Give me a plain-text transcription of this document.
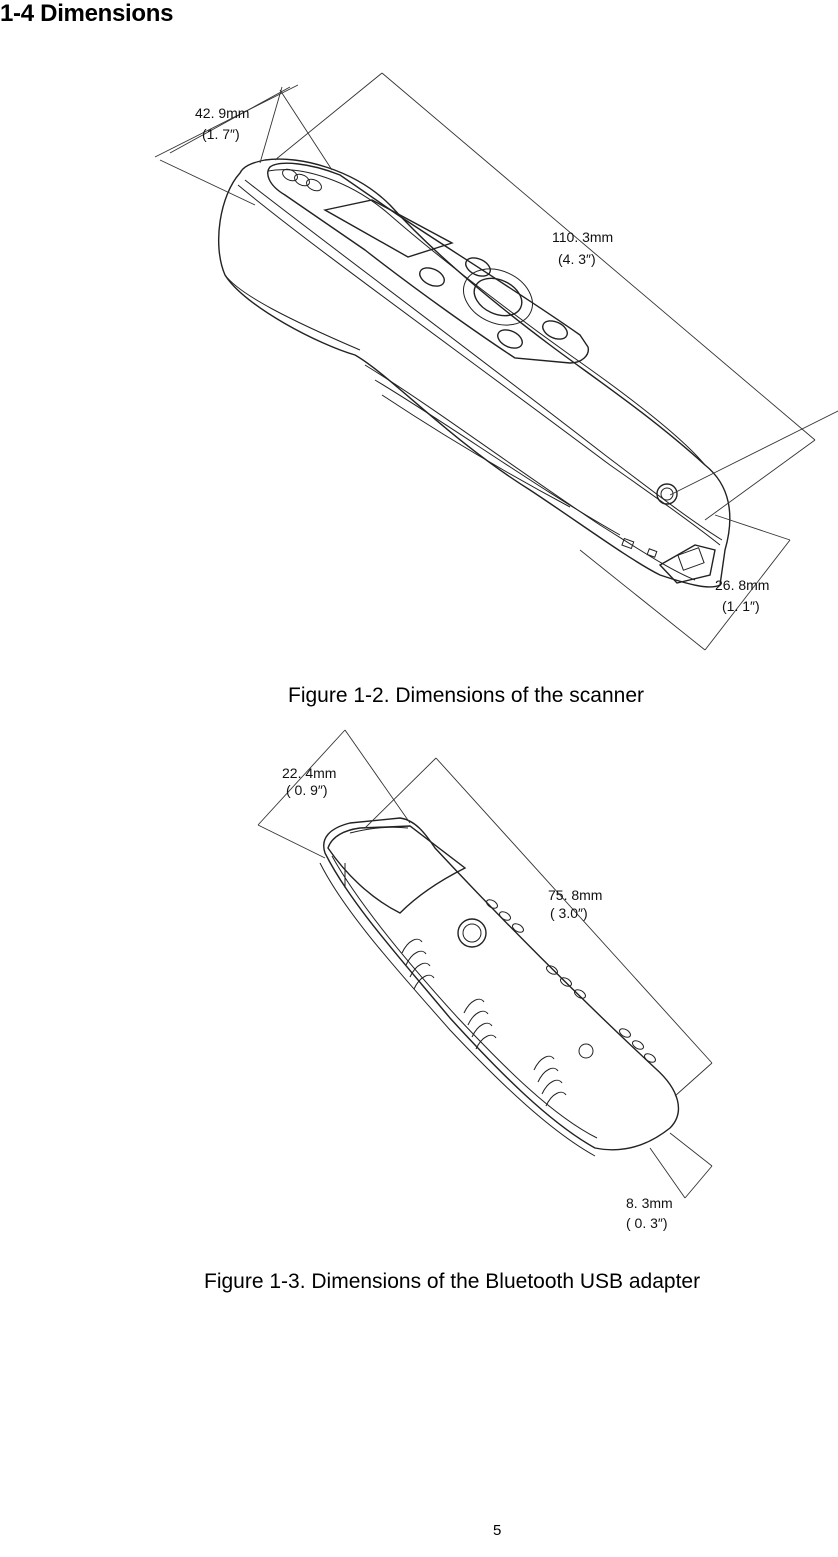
1-4 Dimensions
42. 9mm
(1. 7″)
110. 3mm
(4. 3″)
26. 8mm
(1. 1″)
Figure 1-2. Dimensions of the scanner
22. 4mm
( 0. 9″)
75. 8mm
( 3.0″)
8. 3mm
( 0. 3″)
Figure 1-3. Dimensions of the Bluetooth USB adapter
5
